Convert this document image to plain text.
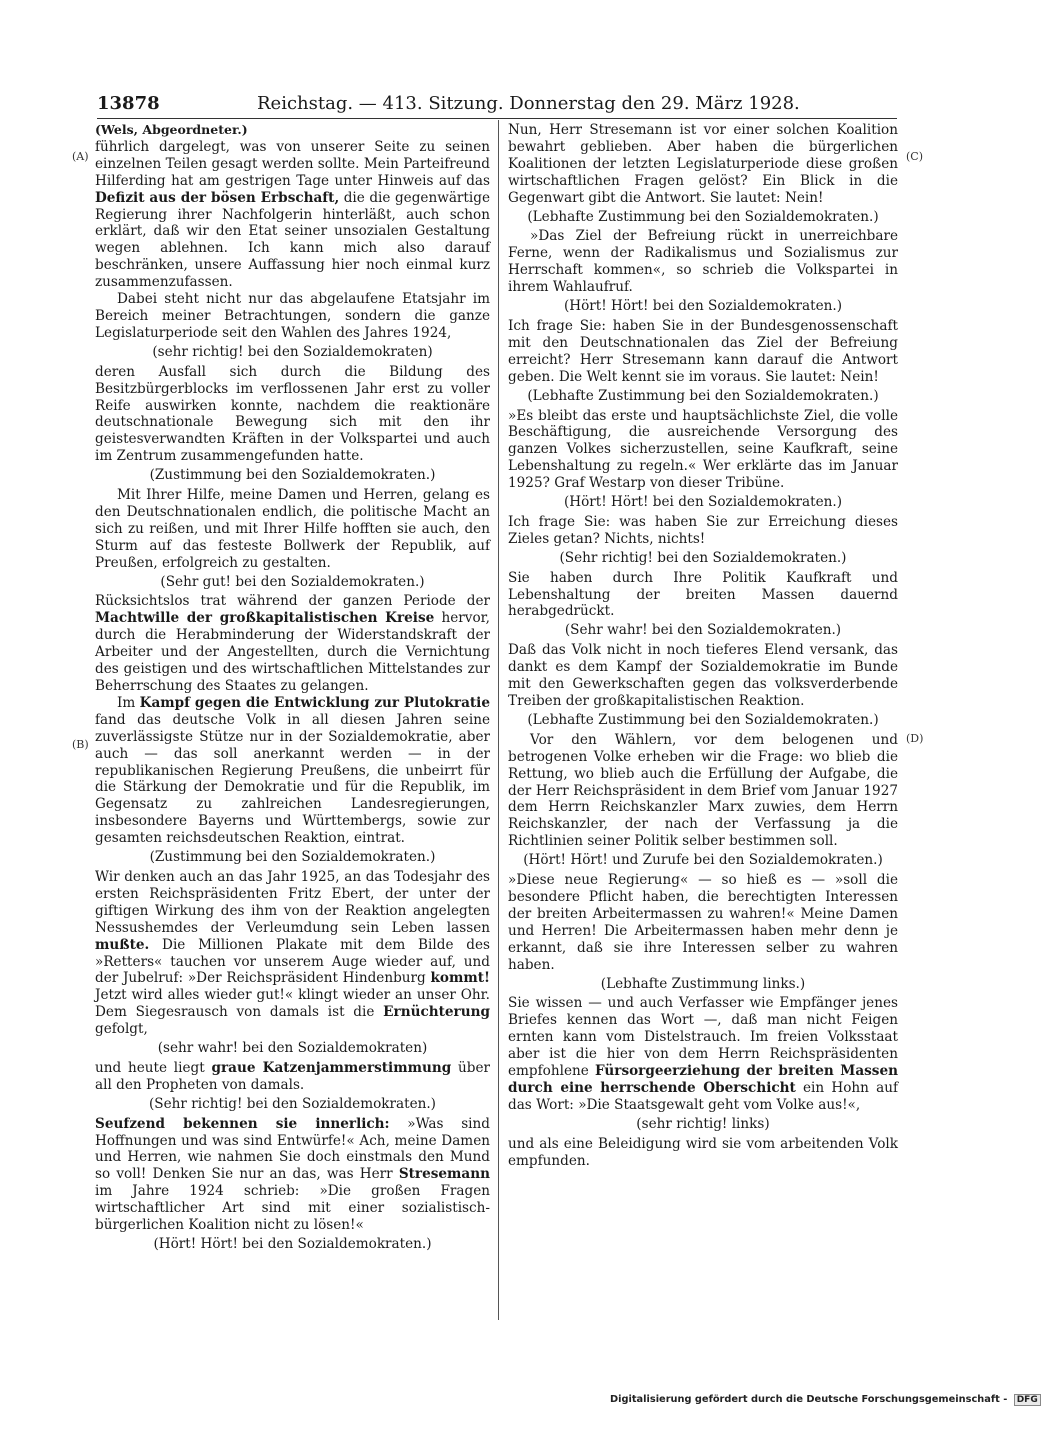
13878	Reichstag. — 413. Sitzung. Donnerstag den 29. März 1928.
(A)
(B)
(C)
(D)

(Wels, Abgeordneter.)

führlich dargelegt, was von unserer Seite zu seinen einzelnen Teilen gesagt werden sollte. Mein Parteifreund Hilferding hat am gestrigen Tage unter Hinweis auf das Defizit aus der bösen Erbschaft, die die gegenwärtige Regierung ihrer Nachfolgerin hinterläßt, auch schon erklärt, daß wir den Etat seiner unsozialen Gestaltung wegen ablehnen. Ich kann mich also darauf beschränken, unsere Auffassung hier noch einmal kurz zusammenzufassen.

Dabei steht nicht nur das abgelaufene Etatsjahr im Bereich meiner Betrachtungen, sondern die ganze Legislaturperiode seit den Wahlen des Jahres 1924,

(sehr richtig! bei den Sozialdemokraten)

deren Ausfall sich durch die Bildung des Besitzbürgerblocks im verflossenen Jahr erst zu voller Reife auswirken konnte, nachdem die reaktionäre deutschnationale Bewegung sich mit den ihr geistesverwandten Kräften in der Volkspartei und auch im Zentrum zusammengefunden hatte.

(Zustimmung bei den Sozialdemokraten.)

Mit Ihrer Hilfe, meine Damen und Herren, gelang es den Deutschnationalen endlich, die politische Macht an sich zu reißen, und mit Ihrer Hilfe hofften sie auch, den Sturm auf das festeste Bollwerk der Republik, auf Preußen, erfolgreich zu gestalten.

(Sehr gut! bei den Sozialdemokraten.)

Rücksichtslos trat während der ganzen Periode der Machtwille der großkapitalistischen Kreise hervor, durch die Herabminderung der Widerstandskraft der Arbeiter und der Angestellten, durch die Vernichtung des geistigen und des wirtschaftlichen Mittelstandes zur Beherrschung des Staates zu gelangen.

Im Kampf gegen die Entwicklung zur Plutokratie fand das deutsche Volk in all diesen Jahren seine zuverlässigste Stütze nur in der Sozialdemokratie, aber auch — das soll anerkannt werden — in der republikanischen Regierung Preußens, die unbeirrt für die Stärkung der Demokratie und für die Republik, im Gegensatz zu zahlreichen Landesregierungen, insbesondere Bayerns und Württembergs, sowie zur gesamten reichsdeutschen Reaktion, eintrat.

(Zustimmung bei den Sozialdemokraten.)

Wir denken auch an das Jahr 1925, an das Todesjahr des ersten Reichspräsidenten Fritz Ebert, der unter der giftigen Wirkung des ihm von der Reaktion angelegten Nessushemdes der Verleumdung sein Leben lassen mußte. Die Millionen Plakate mit dem Bilde des »Retters« tauchen vor unserem Auge wieder auf, und der Jubelruf: »Der Reichspräsident Hindenburg kommt! Jetzt wird alles wieder gut!« klingt wieder an unser Ohr. Dem Siegesrausch von damals ist die Ernüchterung gefolgt,

(sehr wahr! bei den Sozialdemokraten)

und heute liegt graue Katzenjammerstimmung über all den Propheten von damals.

(Sehr richtig! bei den Sozialdemokraten.)

Seufzend bekennen sie innerlich: »Was sind Hoffnungen und was sind Entwürfe!« Ach, meine Damen und Herren, wie nahmen Sie doch einstmals den Mund so voll! Denken Sie nur an das, was Herr Stresemann im Jahre 1924 schrieb: »Die großen Fragen wirtschaftlicher Art sind mit einer sozialistisch-bürgerlichen Koalition nicht zu lösen!«

(Hört! Hört! bei den Sozialdemokraten.)

Nun, Herr Stresemann ist vor einer solchen Koalition bewahrt geblieben. Aber haben die bürgerlichen Koalitionen der letzten Legislaturperiode diese großen wirtschaftlichen Fragen gelöst? Ein Blick in die Gegenwart gibt die Antwort. Sie lautet: Nein!

(Lebhafte Zustimmung bei den Sozialdemokraten.)

»Das Ziel der Befreiung rückt in unerreichbare Ferne, wenn der Radikalismus und Sozialismus zur Herrschaft kommen«, so schrieb die Volkspartei in ihrem Wahlaufruf.

(Hört! Hört! bei den Sozialdemokraten.)

Ich frage Sie: haben Sie in der Bundesgenossenschaft mit den Deutschnationalen das Ziel der Befreiung erreicht? Herr Stresemann kann darauf die Antwort geben. Die Welt kennt sie im voraus. Sie lautet: Nein!

(Lebhafte Zustimmung bei den Sozialdemokraten.)

»Es bleibt das erste und hauptsächlichste Ziel, die volle Beschäftigung, die ausreichende Versorgung des ganzen Volkes sicherzustellen, seine Kaufkraft, seine Lebenshaltung zu regeln.« Wer erklärte das im Januar 1925? Graf Westarp von dieser Tribüne.

(Hört! Hört! bei den Sozialdemokraten.)

Ich frage Sie: was haben Sie zur Erreichung dieses Zieles getan? Nichts, nichts!

(Sehr richtig! bei den Sozialdemokraten.)

Sie haben durch Ihre Politik Kaufkraft und Lebenshaltung der breiten Massen dauernd herabgedrückt.

(Sehr wahr! bei den Sozialdemokraten.)

Daß das Volk nicht in noch tieferes Elend versank, das dankt es dem Kampf der Sozialdemokratie im Bunde mit den Gewerkschaften gegen das volksverderbende Treiben der großkapitalistischen Reaktion.

(Lebhafte Zustimmung bei den Sozialdemokraten.)

Vor den Wählern, vor dem belogenen und betrogenen Volke erheben wir die Frage: wo blieb die Rettung, wo blieb auch die Erfüllung der Aufgabe, die der Herr Reichspräsident in dem Brief vom Januar 1927 dem Herrn Reichskanzler Marx zuwies, dem Herrn Reichskanzler, der nach der Verfassung ja die Richtlinien seiner Politik selber bestimmen soll.

(Hört! Hört! und Zurufe bei den Sozialdemokraten.)

»Diese neue Regierung« — so hieß es — »soll die besondere Pflicht haben, die berechtigten Interessen der breiten Arbeitermassen zu wahren!« Meine Damen und Herren! Die Arbeitermassen haben mehr denn je erkannt, daß sie ihre Interessen selber zu wahren haben.

(Lebhafte Zustimmung links.)

Sie wissen — und auch Verfasser wie Empfänger jenes Briefes kennen das Wort —, daß man nicht Feigen ernten kann vom Distelstrauch. Im freien Volksstaat aber ist die hier von dem Herrn Reichspräsidenten empfohlene Fürsorgeerziehung der breiten Massen durch eine herrschende Oberschicht ein Hohn auf das Wort: »Die Staatsgewalt geht vom Volke aus!«,

(sehr richtig! links)

und als eine Beleidigung wird sie vom arbeitenden Volk empfunden.

Digitalisierung gefördert durch die Deutsche Forschungsgemeinschaft - DFG
